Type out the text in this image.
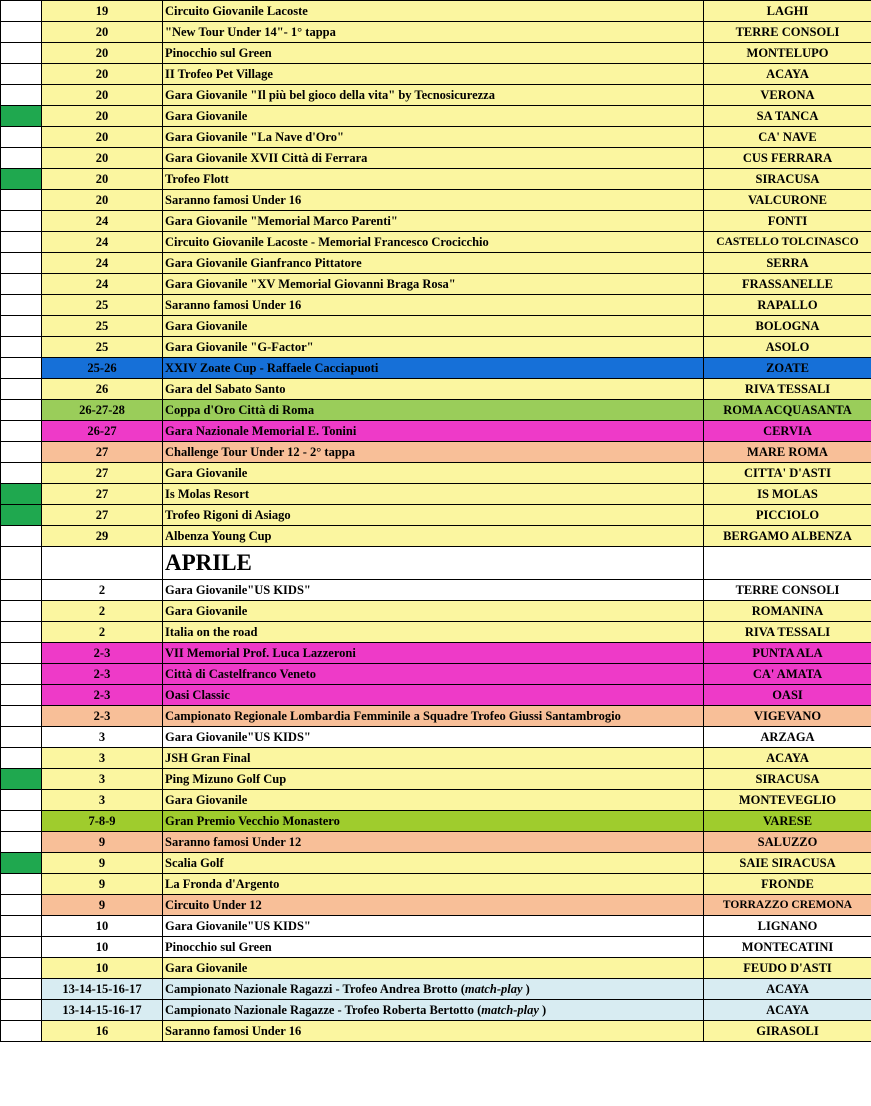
	19	Circuito Giovanile Lacoste	LAGHI
	20	"New Tour Under 14"- 1° tappa	TERRE CONSOLI
	20	Pinocchio sul Green	MONTELUPO
	20	II Trofeo Pet Village	ACAYA
	20	Gara Giovanile "Il più bel gioco della vita" by Tecnosicurezza	VERONA
	20	Gara Giovanile	SA TANCA
	20	Gara Giovanile "La Nave d'Oro"	CA' NAVE
	20	Gara Giovanile XVII Città di Ferrara	CUS FERRARA
	20	Trofeo Flott	SIRACUSA
	20	Saranno famosi Under 16	VALCURONE
	24	Gara Giovanile "Memorial Marco Parenti"	FONTI
	24	Circuito Giovanile Lacoste - Memorial Francesco Crocicchio	CASTELLO TOLCINASCO
	24	Gara Giovanile Gianfranco Pittatore	SERRA
	24	Gara Giovanile "XV Memorial Giovanni Braga Rosa"	FRASSANELLE
	25	Saranno famosi Under 16	RAPALLO
	25	Gara Giovanile	BOLOGNA
	25	Gara Giovanile "G-Factor"	ASOLO
	25-26	XXIV Zoate Cup - Raffaele Cacciapuoti	ZOATE
	26	Gara del Sabato Santo	RIVA TESSALI
	26-27-28	Coppa d'Oro Città di Roma	ROMA ACQUASANTA
	26-27	Gara Nazionale Memorial E. Tonini	CERVIA
	27	Challenge Tour Under 12 - 2° tappa	MARE ROMA
	27	Gara Giovanile	CITTA' D'ASTI
	27	Is Molas Resort	IS MOLAS
	27	Trofeo Rigoni di Asiago	PICCIOLO
	29	Albenza Young Cup	BERGAMO ALBENZA
		APRILE	
	2	Gara Giovanile"US KIDS"	TERRE CONSOLI
	2	Gara Giovanile	ROMANINA
	2	Italia on the road	RIVA TESSALI
	2-3	VII Memorial Prof. Luca Lazzeroni	PUNTA ALA
	2-3	Città di Castelfranco Veneto	CA' AMATA
	2-3	Oasi Classic	OASI
	2-3	Campionato Regionale Lombardia Femminile a Squadre Trofeo Giussi Santambrogio	VIGEVANO
	3	Gara Giovanile"US KIDS"	ARZAGA
	3	JSH Gran Final	ACAYA
	3	Ping Mizuno Golf Cup	SIRACUSA
	3	Gara Giovanile	MONTEVEGLIO
	7-8-9	Gran Premio Vecchio Monastero	VARESE
	9	Saranno famosi Under 12	SALUZZO
	9	Scalia Golf	SAIE SIRACUSA
	9	La Fronda d'Argento	FRONDE
	9	Circuito Under 12	TORRAZZO CREMONA
	10	Gara Giovanile"US KIDS"	LIGNANO
	10	Pinocchio sul Green	MONTECATINI
	10	Gara Giovanile	FEUDO D'ASTI
	13-14-15-16-17	Campionato Nazionale Ragazzi - Trofeo Andrea Brotto (match-play )	ACAYA
	13-14-15-16-17	Campionato Nazionale Ragazze - Trofeo Roberta Bertotto (match-play )	ACAYA
	16	Saranno famosi Under 16	GIRASOLI
